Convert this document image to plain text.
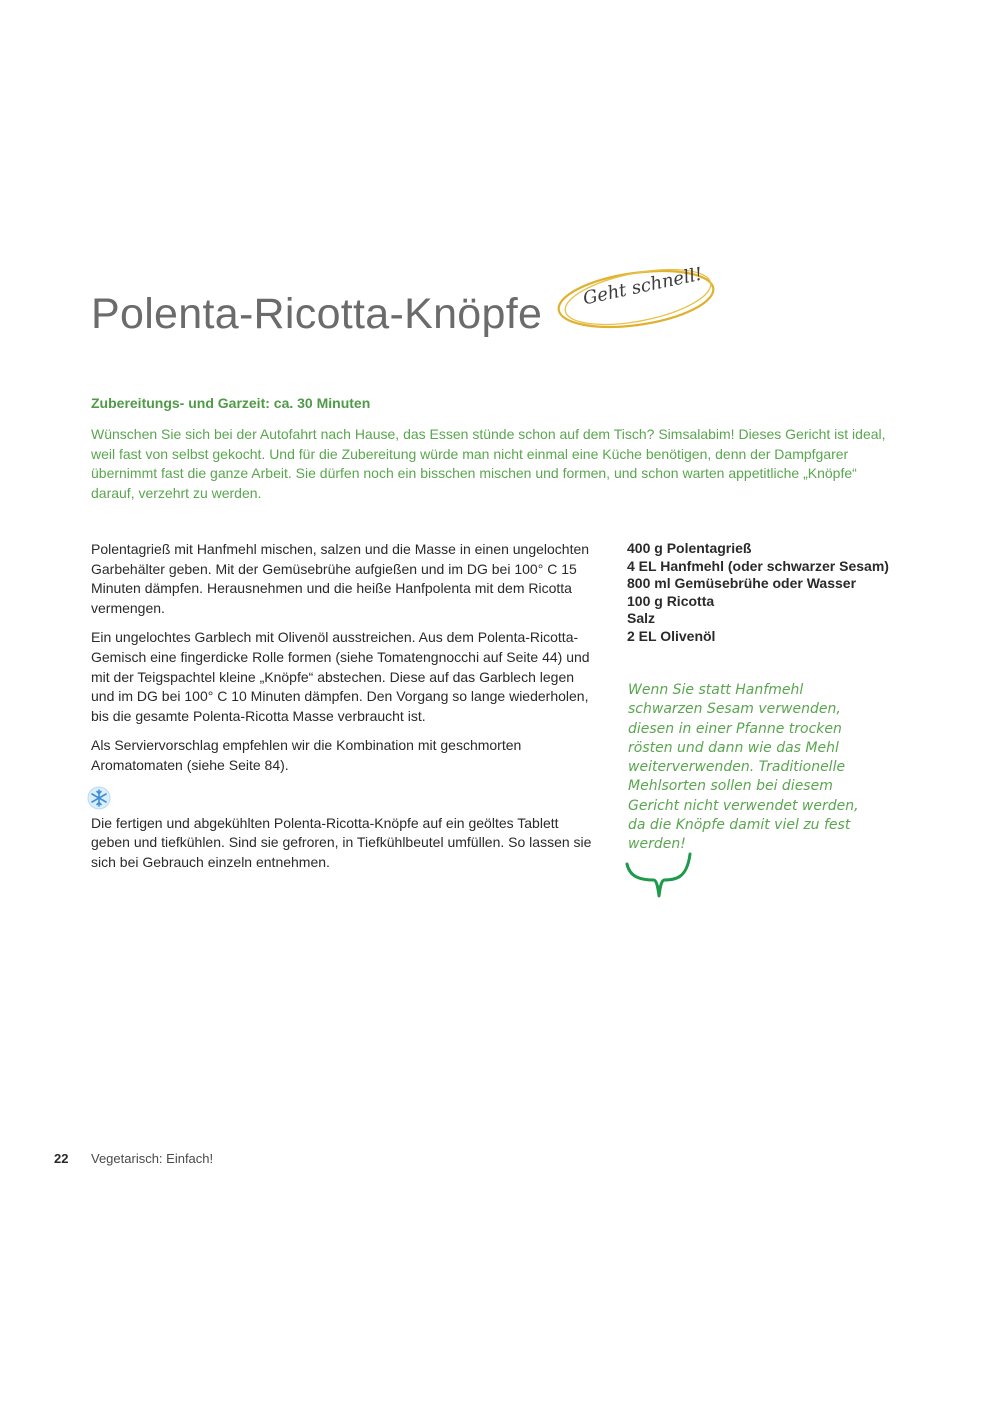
Polenta-Ricotta-Knöpfe
Geht schnell!

Zubereitungs- und Garzeit: ca. 30 Minuten

Wünschen Sie sich bei der Autofahrt nach Hause, das Essen stünde schon auf dem Tisch? Simsalabim! Dieses Gericht ist ideal, weil fast von selbst gekocht. Und für die Zubereitung würde man nicht einmal eine Küche benötigen, denn der Dampfgarer übernimmt fast die ganze Arbeit. Sie dürfen noch ein bisschen mischen und formen, und schon warten appetitliche „Knöpfe“ darauf, verzehrt zu werden.

Polentagrieß mit Hanfmehl mischen, salzen und die Masse in einen ungelochten Garbehälter geben. Mit der Gemüsebrühe aufgießen und im DG bei 100° C 15 Minuten dämpfen. Herausnehmen und die heiße Hanfpolenta mit dem Ricotta vermengen.

Ein ungelochtes Garblech mit Olivenöl ausstreichen. Aus dem Polenta-Ricotta-Gemisch eine fingerdicke Rolle formen (siehe Tomatengnocchi auf Seite 44) und mit der Teigspachtel kleine „Knöpfe“ abstechen. Diese auf das Garblech legen und im DG bei 100° C 10 Minuten dämpfen. Den Vorgang so lange wiederholen, bis die gesamte Polenta-Ricotta Masse verbraucht ist.

Als Serviervorschlag empfehlen wir die Kombination mit geschmorten Aromatomaten (siehe Seite 84).

Die fertigen und abgekühlten Polenta-Ricotta-Knöpfe auf ein geöltes Tablett geben und tiefkühlen. Sind sie gefroren, in Tiefkühlbeutel umfüllen. So lassen sie sich bei Gebrauch einzeln entnehmen.

400 g Polentagrieß
4 EL Hanfmehl (oder schwarzer Sesam)
800 ml Gemüsebrühe oder Wasser
100 g Ricotta
Salz
2 EL Olivenöl

Wenn Sie statt Hanfmehl schwarzen Sesam verwenden, diesen in einer Pfanne trocken rösten und dann wie das Mehl weiterverwenden. Traditionelle Mehlsorten sollen bei diesem Gericht nicht verwendet werden, da die Knöpfe damit viel zu fest werden!

22 Vegetarisch: Einfach!
